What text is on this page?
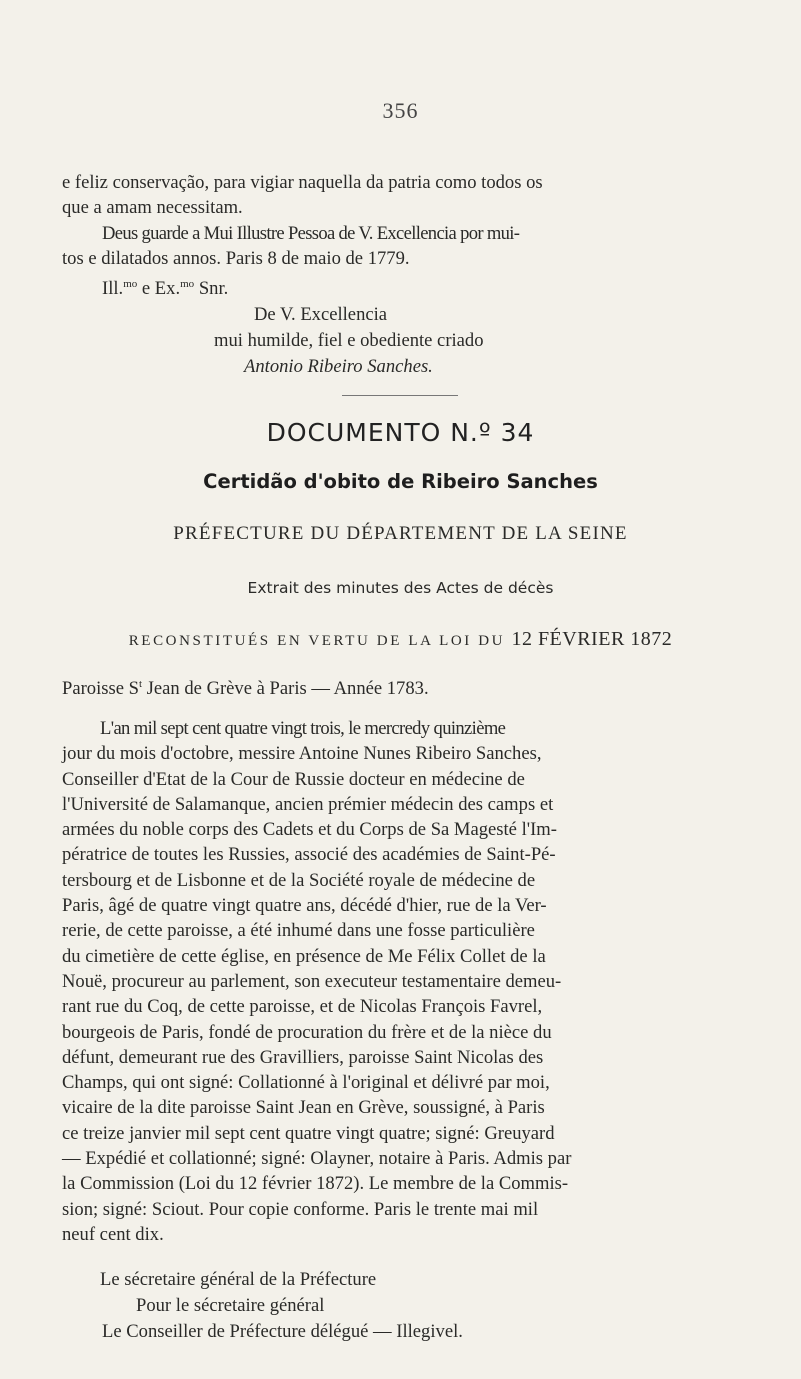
356

e feliz conservação, para vigiar naquella da patria como todos os

que a amam necessitam.

Deus guarde a Mui Illustre Pessoa de V. Excellencia por mui-

tos e dilatados annos. Paris 8 de maio de 1779.

Ill.$^{mo}$ e Ex.$^{mo}$ Snr.
De V. Excellencia
mui humilde, fiel e obediente criado
Antonio Ribeiro Sanches.
DOCUMENTO N.º 34
Certidão d'obito de Ribeiro Sanches
PRÉFECTURE DU DÉPARTEMENT DE LA SEINE
Extrait des minutes des Actes de décès
RECONSTITUÉS EN VERTU DE LA LOI DU 12 FÉVRIER 1872
Paroisse $S^t$ Jean de Grève à Paris — Année 1783.

L'an mil sept cent quatre vingt trois, le mercredy quinzième

jour du mois d'octobre, messire Antoine Nunes Ribeiro Sanches,

Conseiller d'Etat de la Cour de Russie docteur en médecine de

l'Université de Salamanque, ancien prémier médecin des camps et

armées du noble corps des Cadets et du Corps de Sa Magesté l'Im-

pératrice de toutes les Russies, associé des académies de Saint-Pé-

tersbourg et de Lisbonne et de la Société royale de médecine de

Paris, âgé de quatre vingt quatre ans, décédé d'hier, rue de la Ver-

rerie, de cette paroisse, a été inhumé dans une fosse particulière

du cimetière de cette église, en présence de Me Félix Collet de la

Nouë, procureur au parlement, son executeur testamentaire demeu-

rant rue du Coq, de cette paroisse, et de Nicolas François Favrel,

bourgeois de Paris, fondé de procuration du frère et de la nièce du

défunt, demeurant rue des Gravilliers, paroisse Saint Nicolas des

Champs, qui ont signé: Collationné à l'original et délivré par moi,

vicaire de la dite paroisse Saint Jean en Grève, soussigné, à Paris

ce treize janvier mil sept cent quatre vingt quatre; signé: Greuyard

— Expédié et collationné; signé: Olayner, notaire à Paris. Admis par

la Commission (Loi du 12 février 1872). Le membre de la Commis-

sion; signé: Sciout. Pour copie conforme. Paris le trente mai mil

neuf cent dix.

Le sécretaire général de la Préfecture
Pour le sécretaire général
Le Conseiller de Préfecture délégué — Illegivel.
